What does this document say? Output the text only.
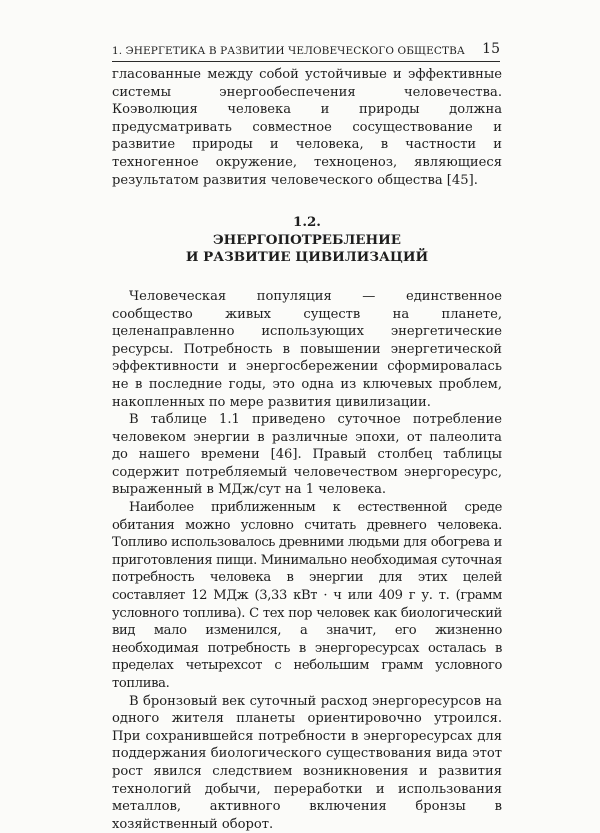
1. ЭНЕРГЕТИКА В РАЗВИТИИ ЧЕЛОВЕЧЕСКОГО ОБЩЕСТВА 15

гласованные между собой устойчивые и эффективные системы энергообеспечения человечества. Коэволюция человека и природы должна предусматривать совместное сосуществование и развитие природы и человека, в частности и техногенное окружение, техноценоз, являющиеся результатом развития человеческого общества [45].

1.2.
ЭНЕРГОПОТРЕБЛЕНИЕ
И РАЗВИТИЕ ЦИВИЛИЗАЦИЙ

Человеческая популяция — единственное сообщество живых существ на планете, целенаправленно использующих энергетические ресурсы. Потребность в повышении энергетической эффективности и энергосбережении сформировалась не в последние годы, это одна из ключевых проблем, накопленных по мере развития цивилизации.

В таблице 1.1 приведено суточное потребление человеком энергии в различные эпохи, от палеолита до нашего времени [46]. Правый столбец таблицы содержит потребляемый человечеством энергоресурс, выраженный в МДж/сут на 1 человека.

Наиболее приближенным к естественной среде обитания можно условно считать древнего человека. Топливо использовалось древними людьми для обогрева и приготовления пищи. Минимально необходимая суточная потребность человека в энергии для этих целей составляет 12 МДж (3,33 кВт · ч или 409 г у. т. (грамм условного топлива). С тех пор человек как биологический вид мало изменился, а значит, его жизненно необходимая потребность в энергоресурсах осталась в пределах четырехсот с небольшим грамм условного топлива.

В бронзовый век суточный расход энергоресурсов на одного жителя планеты ориентировочно утроился. При сохранившейся потребности в энергоресурсах для поддержания биологического существования вида этот рост явился следствием возникновения и развития технологий добычи, переработки и использования металлов, активного включения бронзы в хозяйственный оборот.
